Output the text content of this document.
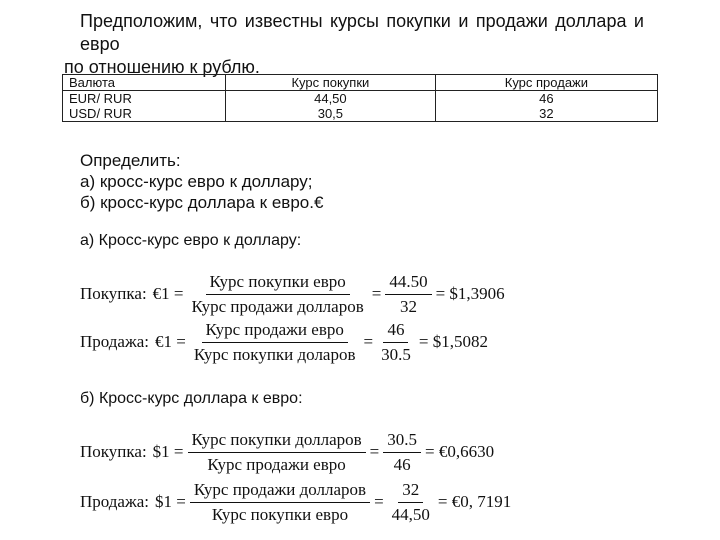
Предположим, что известны курсы покупки и продажи доллара и евро
по отношению к рублю.
Валюта	Курс покупки	Курс продажи
EUR/ RUR	44,50	46
USD/ RUR	30,5	32
Определить:
а) кросс-курс евро к доллару;
б) кросс-курс доллара к евро.€
а) Кросс-курс евро к доллару:
Покупка: €1 = $\frac{\text{Курс покупки евро}}{\text{Курс продажи долларов}} = \frac{44.50}{32}$ = $1,3906
Продажа: €1 = $\frac{\text{Курс продажи евро}}{\text{Курс покупки доларов}} = \frac{46}{30.5}$ = $1,5082
б) Кросс-курс доллара к евро:
Покупка: $1 = $\frac{\text{Курс покупки долларов}}{\text{Курс продажи евро}} = \frac{30.5}{46}$ = €0,6630
Продажа: $1 = $\frac{\text{Курс продажи долларов}}{\text{Курс покупки евро}} = \frac{32}{44,50}$ = €0, 7191
